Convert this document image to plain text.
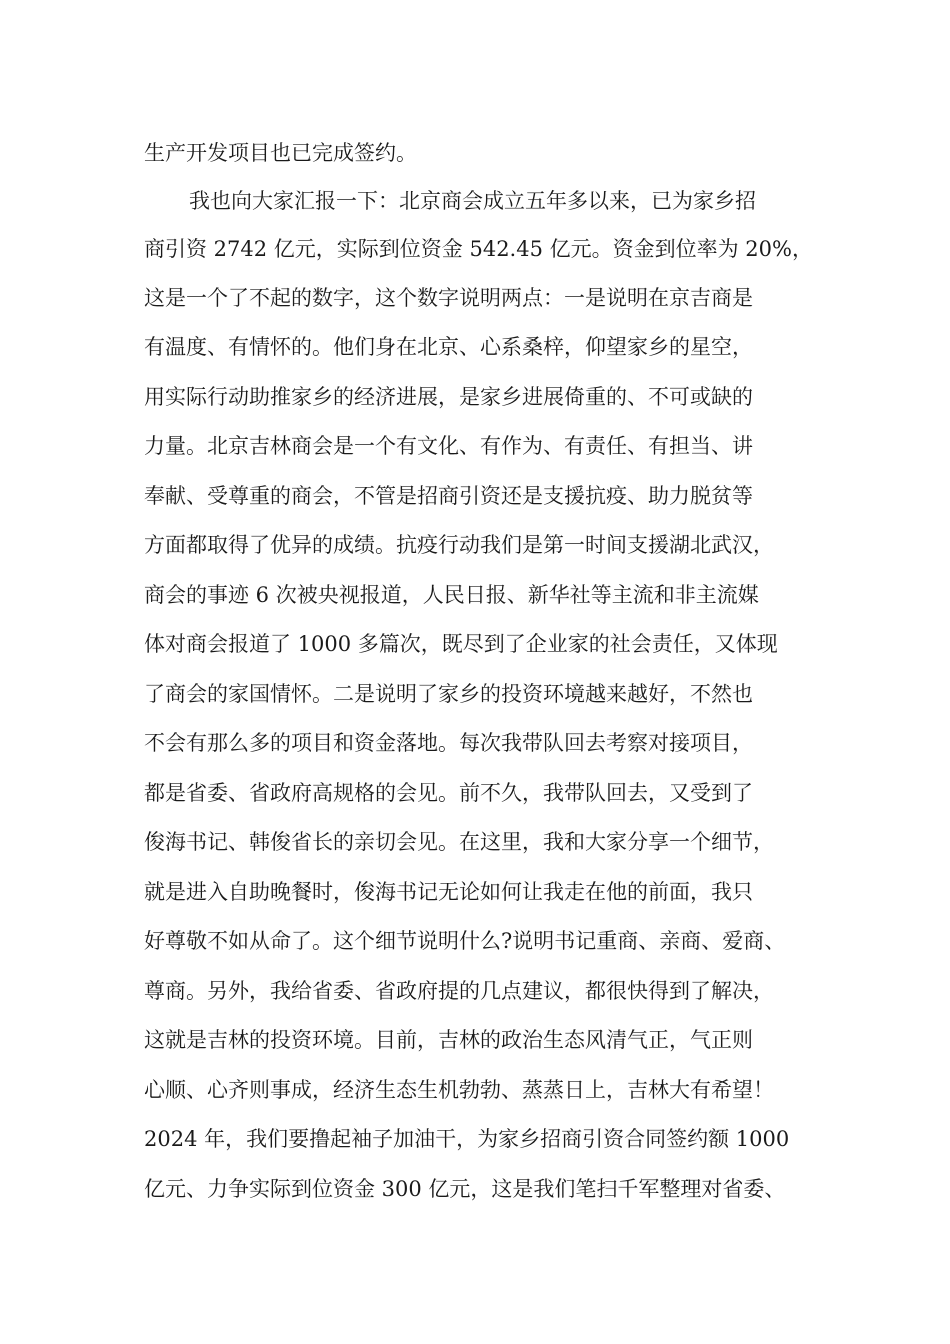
生产开发项目也已完成签约。
我也向大家汇报一下：北京商会成立五年多以来，已为家乡招
商引资 2742 亿元，实际到位资金 542.45 亿元。资金到位率为 20%，
这是一个了不起的数字，这个数字说明两点：一是说明在京吉商是
有温度、有情怀的。他们身在北京、心系桑梓，仰望家乡的星空，
用实际行动助推家乡的经济进展，是家乡进展倚重的、不可或缺的
力量。北京吉林商会是一个有文化、有作为、有责任、有担当、讲
奉献、受尊重的商会，不管是招商引资还是支援抗疫、助力脱贫等
方面都取得了优异的成绩。抗疫行动我们是第一时间支援湖北武汉，
商会的事迹 6 次被央视报道，人民日报、新华社等主流和非主流媒
体对商会报道了 1000 多篇次，既尽到了企业家的社会责任，又体现
了商会的家国情怀。二是说明了家乡的投资环境越来越好，不然也
不会有那么多的项目和资金落地。每次我带队回去考察对接项目，
都是省委、省政府高规格的会见。前不久，我带队回去，又受到了
俊海书记、韩俊省长的亲切会见。在这里，我和大家分享一个细节，
就是进入自助晚餐时，俊海书记无论如何让我走在他的前面，我只
好尊敬不如从命了。这个细节说明什么?说明书记重商、亲商、爱商、
尊商。另外，我给省委、省政府提的几点建议，都很快得到了解决，
这就是吉林的投资环境。目前，吉林的政治生态风清气正，气正则
心顺、心齐则事成，经济生态生机勃勃、蒸蒸日上，吉林大有希望！
2024 年，我们要撸起袖子加油干，为家乡招商引资合同签约额 1000
亿元、力争实际到位资金 300 亿元，这是我们笔扫千军整理对省委、
